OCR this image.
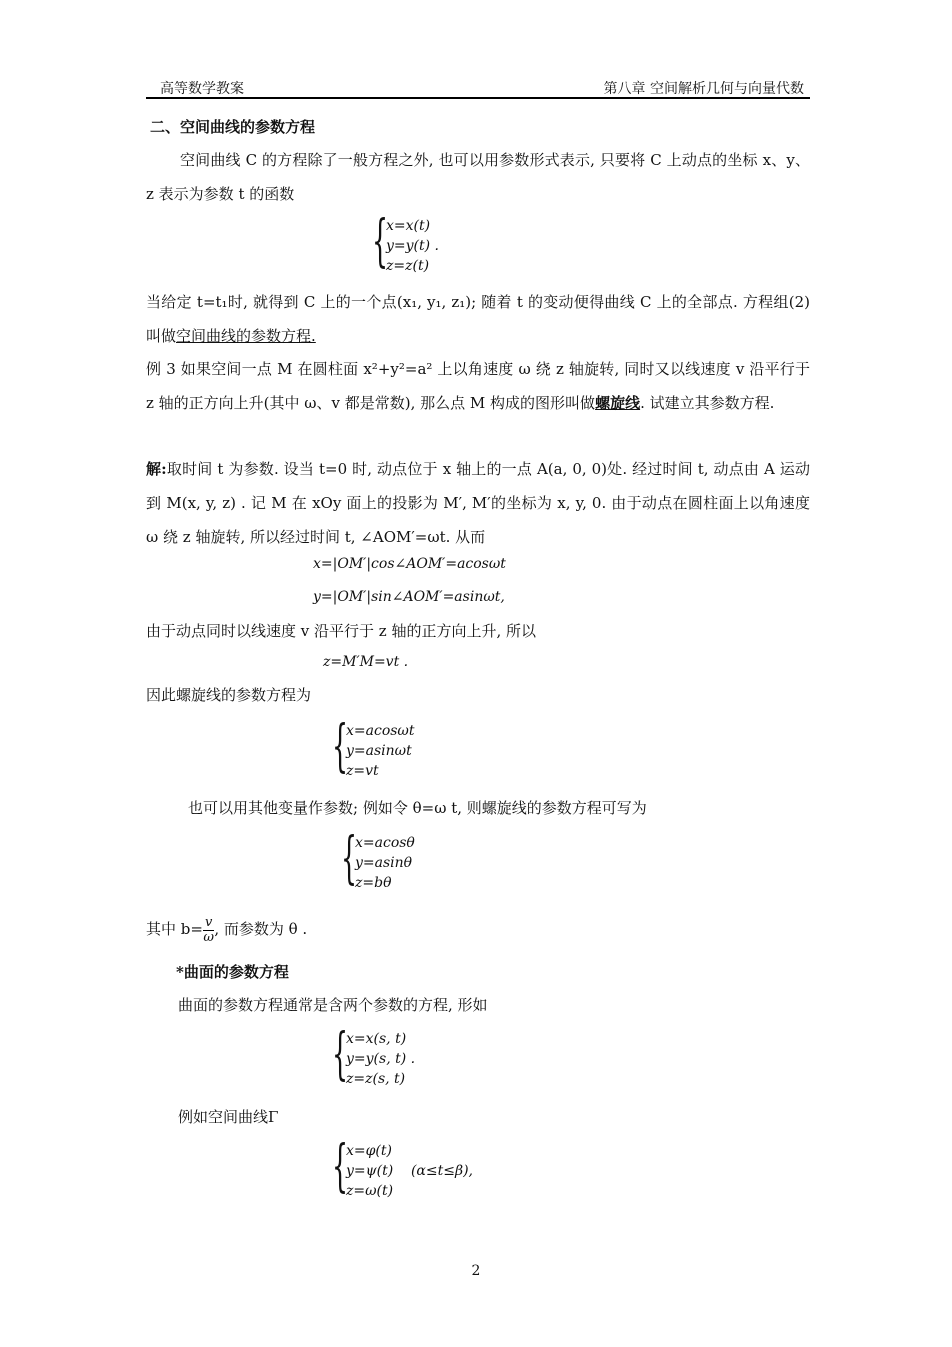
高等数学教案	第八章 空间解析几何与向量代数
二、空间曲线的参数方程
空间曲线 C 的方程除了一般方程之外, 也可以用参数形式表示, 只要将 C 上动点的坐标 x、y、z 表示为参数 t 的函数
{
x=x(t)
y=y(t) .
z=z(t)
当给定 t=t₁时, 就得到 C 上的一个点(x₁, y₁, z₁); 随着 t 的变动便得曲线 C 上的全部点. 方程组(2)叫做空间曲线的参数方程.
例 3 如果空间一点 M 在圆柱面 x²+y²=a² 上以角速度 ω 绕 z 轴旋转, 同时又以线速度 v 沿平行于 z 轴的正方向上升(其中 ω、v 都是常数), 那么点 M 构成的图形叫做螺旋线. 试建立其参数方程.
解:取时间 t 为参数. 设当 t=0 时, 动点位于 x 轴上的一点 A(a, 0, 0)处. 经过时间 t, 动点由 A 运动到 M(x, y, z) . 记 M 在 xOy 面上的投影为 M′, M′的坐标为 x, y, 0. 由于动点在圆柱面上以角速度 ω 绕 z 轴旋转, 所以经过时间 t, ∠AOM′=ωt. 从而
x=|OM′|cos∠AOM′=acosωt
y=|OM′|sin∠AOM′=asinωt,
由于动点同时以线速度 v 沿平行于 z 轴的正方向上升, 所以
z=M′M=vt .
因此螺旋线的参数方程为
{
x=acosωt
y=asinωt
z=vt
也可以用其他变量作参数; 例如令 θ=ω t, 则螺旋线的参数方程可写为
{
x=acosθ
y=asinθ
z=bθ
其中 $b= \frac{v}{\omega}$ , 而参数为 θ .
*曲面的参数方程
曲面的参数方程通常是含两个参数的方程, 形如
{
x=x(s, t)
y=y(s, t) .
z=z(s, t)
例如空间曲线Γ
{
x=φ(t)
y=ψ(t)    (α≤t≤β),
z=ω(t)
2
